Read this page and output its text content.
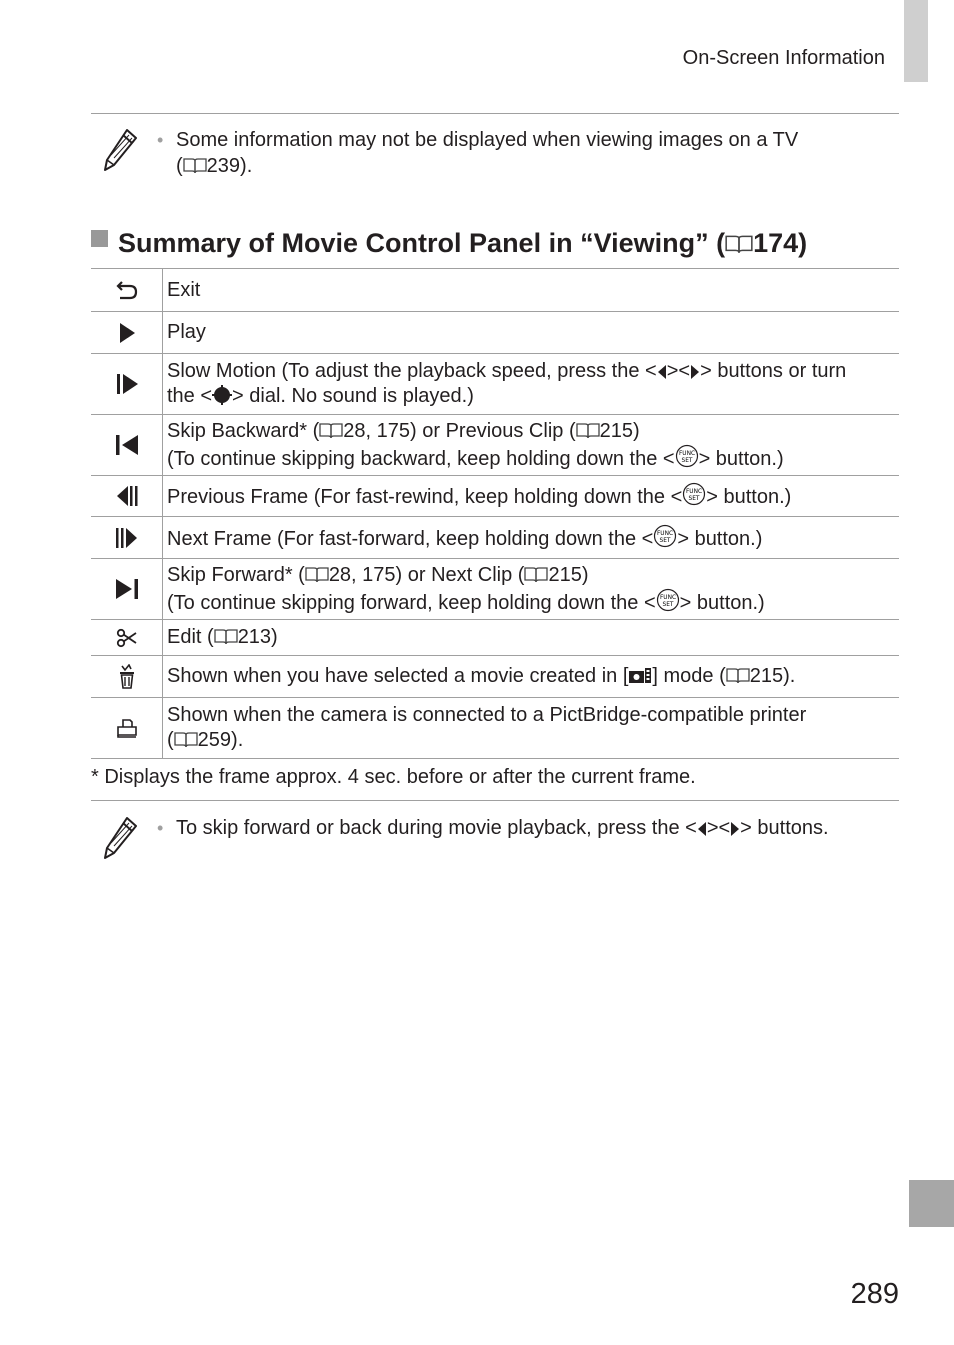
On-Screen Information
• Some information may not be displayed when viewing images on a TV
( 239).
Summary of Movie Control Panel in “Viewing” ( 174)
Exit
Play
Slow Motion (To adjust the playback speed, press the < >< > buttons or turn
the < > dial. No sound is played.)
Skip Backward* ( 28, 175) or Previous Clip ( 215)
(To continue skipping backward, keep holding down the < FUNC
SET > button.)
Previous Frame (For fast-rewind, keep holding down the < FUNC
SET > button.)
Next Frame (For fast-forward, keep holding down the < FUNC
SET > button.)
Skip Forward* ( 28, 175) or Next Clip ( 215)
(To continue skipping forward, keep holding down the < FUNC
SET > button.)
Edit ( 213)
Shown when you have selected a movie created in [ ] mode ( 215).
Shown when the camera is connected to a PictBridge-compatible printer
( 259).
* Displays the frame approx. 4 sec. before or after the current frame.
• To skip forward or back during movie playback, press the < >< > buttons.
289
